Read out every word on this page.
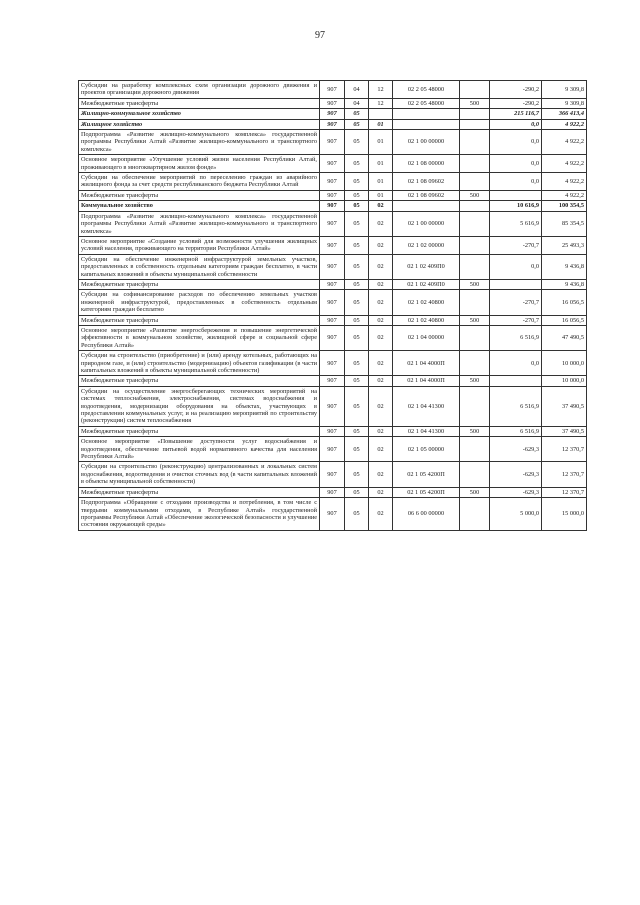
97
Субсидии на разработку комплексных схем организации дорожного движения и проектов организации дорожного движения	907	04	12	02 2 05 48000		-290,2	9 309,8
Межбюджетные трансферты	907	04	12	02 2 05 48000	500	-290,2	9 309,8
Жилищно-коммунальное хозяйство	907	05				215 116,7	366 413,4
Жилищное хозяйство	907	05	01			0,0	4 922,2
Подпрограмма «Развитие жилищно-коммунального комплекса» государственной программы Республики Алтай «Развитие жилищно-коммунального и транспортного комплекса»	907	05	01	02 1 00 00000		0,0	4 922,2
Основное мероприятие «Улучшение условий жизни населения Республики Алтай, проживающего в многоквартирном жилом фонде»	907	05	01	02 1 08 00000		0,0	4 922,2
Субсидии на обеспечение мероприятий по переселению граждан из аварийного жилищного фонда за счет средств республиканского бюджета Республики Алтай	907	05	01	02 1 08 09602		0,0	4 922,2
Межбюджетные трансферты	907	05	01	02 1 08 09602	500		4 922,2
Коммунальное хозяйство	907	05	02			10 616,9	100 354,5
Подпрограмма «Развитие жилищно-коммунального комплекса» государственной программы Республики Алтай «Развитие жилищно-коммунального и транспортного комплекса»	907	05	02	02 1 00 00000		5 616,9	85 354,5
Основное мероприятие «Создание условий для возможности улучшения жилищных условий населения, проживающего на территории Республики Алтай»	907	05	02	02 1 02 00000		-270,7	25 493,3
Субсидии на обеспечение инженерной инфраструктурой земельных участков, предоставленных в собственность отдельным категориям граждан бесплатно, в части капитальных вложений в объекты муниципальной собственности	907	05	02	02 1 02 409П0		0,0	9 436,8
Межбюджетные трансферты	907	05	02	02 1 02 409П0	500		9 436,8
Субсидии на софинансирование расходов по обеспечению земельных участков инженерной инфраструктурой, предоставленных в собственность отдельным категориям граждан бесплатно	907	05	02	02 1 02 40800		-270,7	16 056,5
Межбюджетные трансферты	907	05	02	02 1 02 40800	500	-270,7	16 056,5
Основное мероприятие «Развитие энергосбережения и повышение энергетической эффективности в коммунальном хозяйстве, жилищной сфере и социальной сфере Республики Алтай»	907	05	02	02 1 04 00000		6 516,9	47 490,5
Субсидии на строительство (приобретение) и (или) аренду котельных, работающих на природном газе, и (или) строительство (модернизацию) объектов газификации (в части капитальных вложений в объекты муниципальной собственности)	907	05	02	02 1 04 4000П		0,0	10 000,0
Межбюджетные трансферты	907	05	02	02 1 04 4000П	500		10 000,0
Субсидии на осуществление энергосберегающих технических мероприятий на системах теплоснабжения, электроснабжения, системах водоснабжения и водоотведения, модернизации оборудования на объектах, участвующих в предоставлении коммунальных услуг, и на реализацию мероприятий по строительству (реконструкции) систем теплоснабжения	907	05	02	02 1 04 41300		6 516,9	37 490,5
Межбюджетные трансферты	907	05	02	02 1 04 41300	500	6 516,9	37 490,5
Основное мероприятие «Повышение доступности услуг водоснабжения и водоотведения, обеспечение питьевой водой нормативного качества для населения Республики Алтай»	907	05	02	02 1 05 00000		-629,3	12 370,7
Субсидии на строительство (реконструкцию) централизованных и локальных систем водоснабжения, водоотведения и очистки сточных вод (в части капитальных вложений в объекты муниципальной собственности)	907	05	02	02 1 05 4200П		-629,3	12 370,7
Межбюджетные трансферты	907	05	02	02 1 05 4200П	500	-629,3	12 370,7
Подпрограмма «Обращение с отходами производства и потребления, в том числе с твердыми коммунальными отходами, в Республике Алтай» государственной программы Республики Алтай «Обеспечение экологической безопасности и улучшение состояния окружающей среды»	907	05	02	06 6 00 00000		5 000,0	15 000,0
